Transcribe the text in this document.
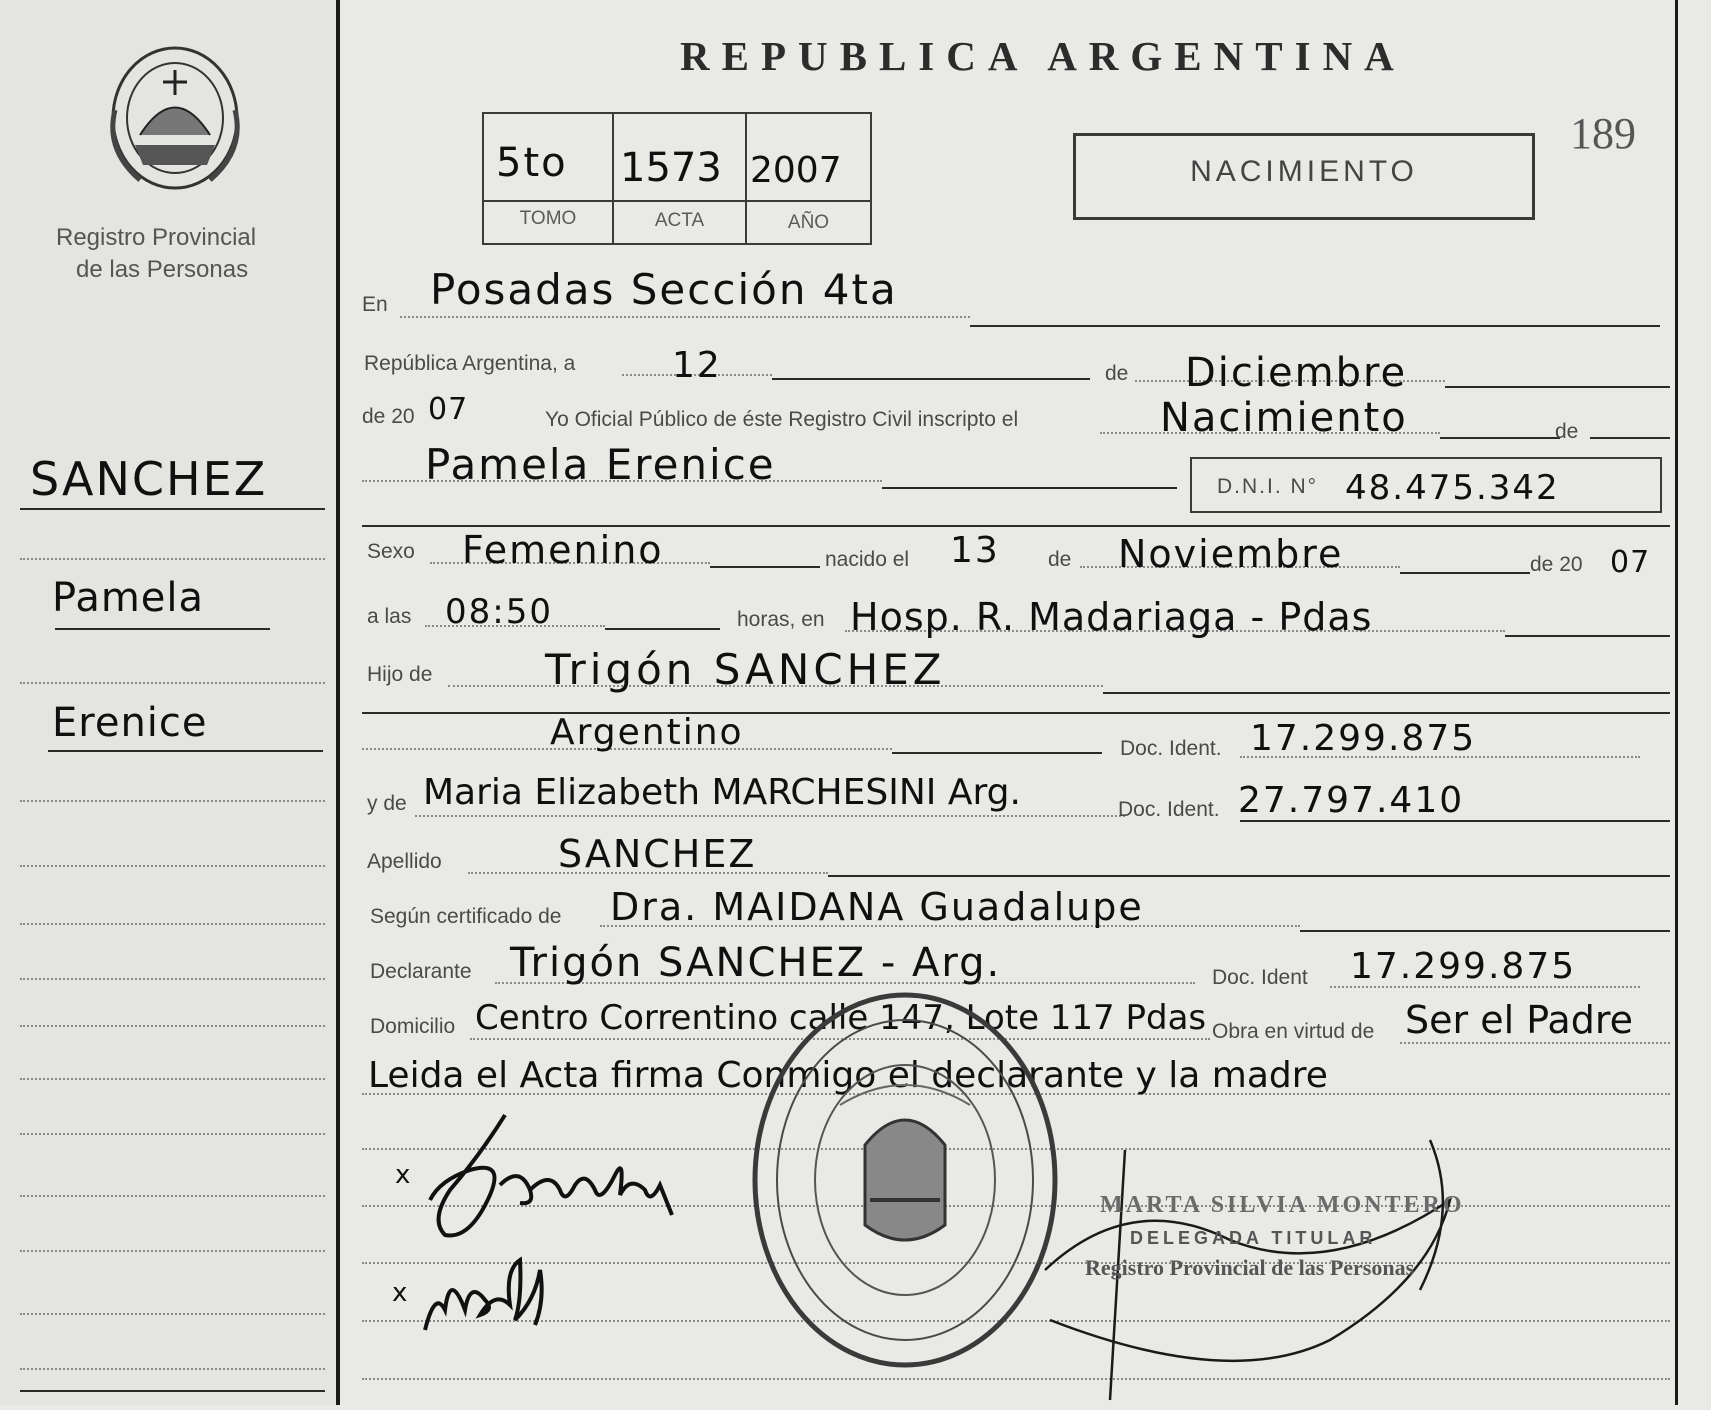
Registro Provincial
de las Personas
SANCHEZ
Pamela
Erenice
REPUBLICA ARGENTINA
189
5to 1573 2007
TOMO	ACTA	AÑO
NACIMIENTO
En Posadas Sección 4ta
República Argentina, a	de
12	Diciembre
de 20 07	Yo Oficial Público de éste Registro Civil inscripto el
de
Nacimiento
Pamela Erenice	D.N.I. N° 48.475.342
Sexo	nacido el	de	de 20
Femenino	13	Noviembre	07
a las	horas, en
08:50	Hosp. R. Madariaga - Pdas
Hijo de	Trigón SANCHEZ
Doc. Ident.
Argentino	17.299.875
y de	Doc. Ident.
Maria Elizabeth MARCHESINI Arg.	27.797.410
Apellido	SANCHEZ
Según certificado de Dra. MAIDANA Guadalupe
Declarante	Doc. Ident
Trigón SANCHEZ - Arg.	17.299.875
Domicilio	Obra en virtud de
Centro Correntino calle 147, Lote 117 Pdas	Ser el Padre
Leida el Acta firma Conmigo el declarante y la madre
x
x
MARTA SILVIA MONTERO
DELEGADA TITULAR
Registro Provincial de las Personas
